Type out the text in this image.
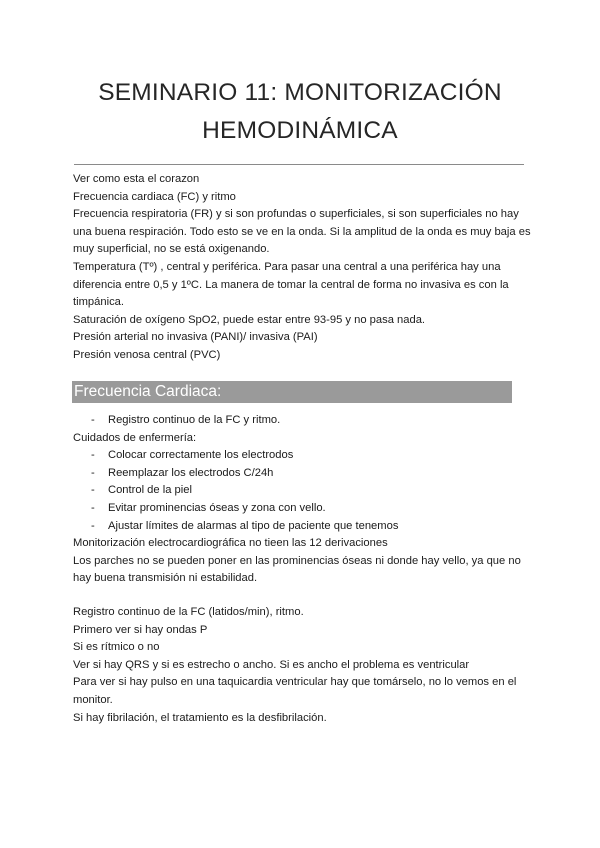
SEMINARIO 11: MONITORIZACIÓN
HEMODINÁMICA
Ver como esta el corazon
Frecuencia cardiaca (FC) y ritmo
Frecuencia respiratoria (FR) y si son profundas o superficiales, si son superficiales no hay
una buena respiración. Todo esto se ve en la onda. Si la amplitud de la onda es muy baja es
muy superficial, no se está oxigenando.
Temperatura (Tº) , central y periférica. Para pasar una central a una periférica hay una
diferencia entre 0,5 y 1ºC. La manera de tomar la central de forma no invasiva es con la
timpánica.
Saturación de oxígeno SpO2, puede estar entre 93-95 y no pasa nada.
Presión arterial no invasiva (PANI)/ invasiva (PAI)
Presión venosa central (PVC)
Frecuencia Cardiaca:
- Registro continuo de la FC y ritmo.
Cuidados de enfermería:
- Colocar correctamente los electrodos
- Reemplazar los electrodos C/24h
- Control de la piel
- Evitar prominencias óseas y zona con vello.
- Ajustar límites de alarmas al tipo de paciente que tenemos
Monitorización electrocardiográfica no tieen las 12 derivaciones
Los parches no se pueden poner en las prominencias óseas ni donde hay vello, ya que no
hay buena transmisión ni estabilidad.
Registro continuo de la FC (latidos/min), ritmo.
Primero ver si hay ondas P
Si es rítmico o no
Ver si hay QRS y si es estrecho o ancho. Si es ancho el problema es ventricular
Para ver si hay pulso en una taquicardia ventricular hay que tomárselo, no lo vemos en el
monitor.
Si hay fibrilación, el tratamiento es la desfibrilación.
